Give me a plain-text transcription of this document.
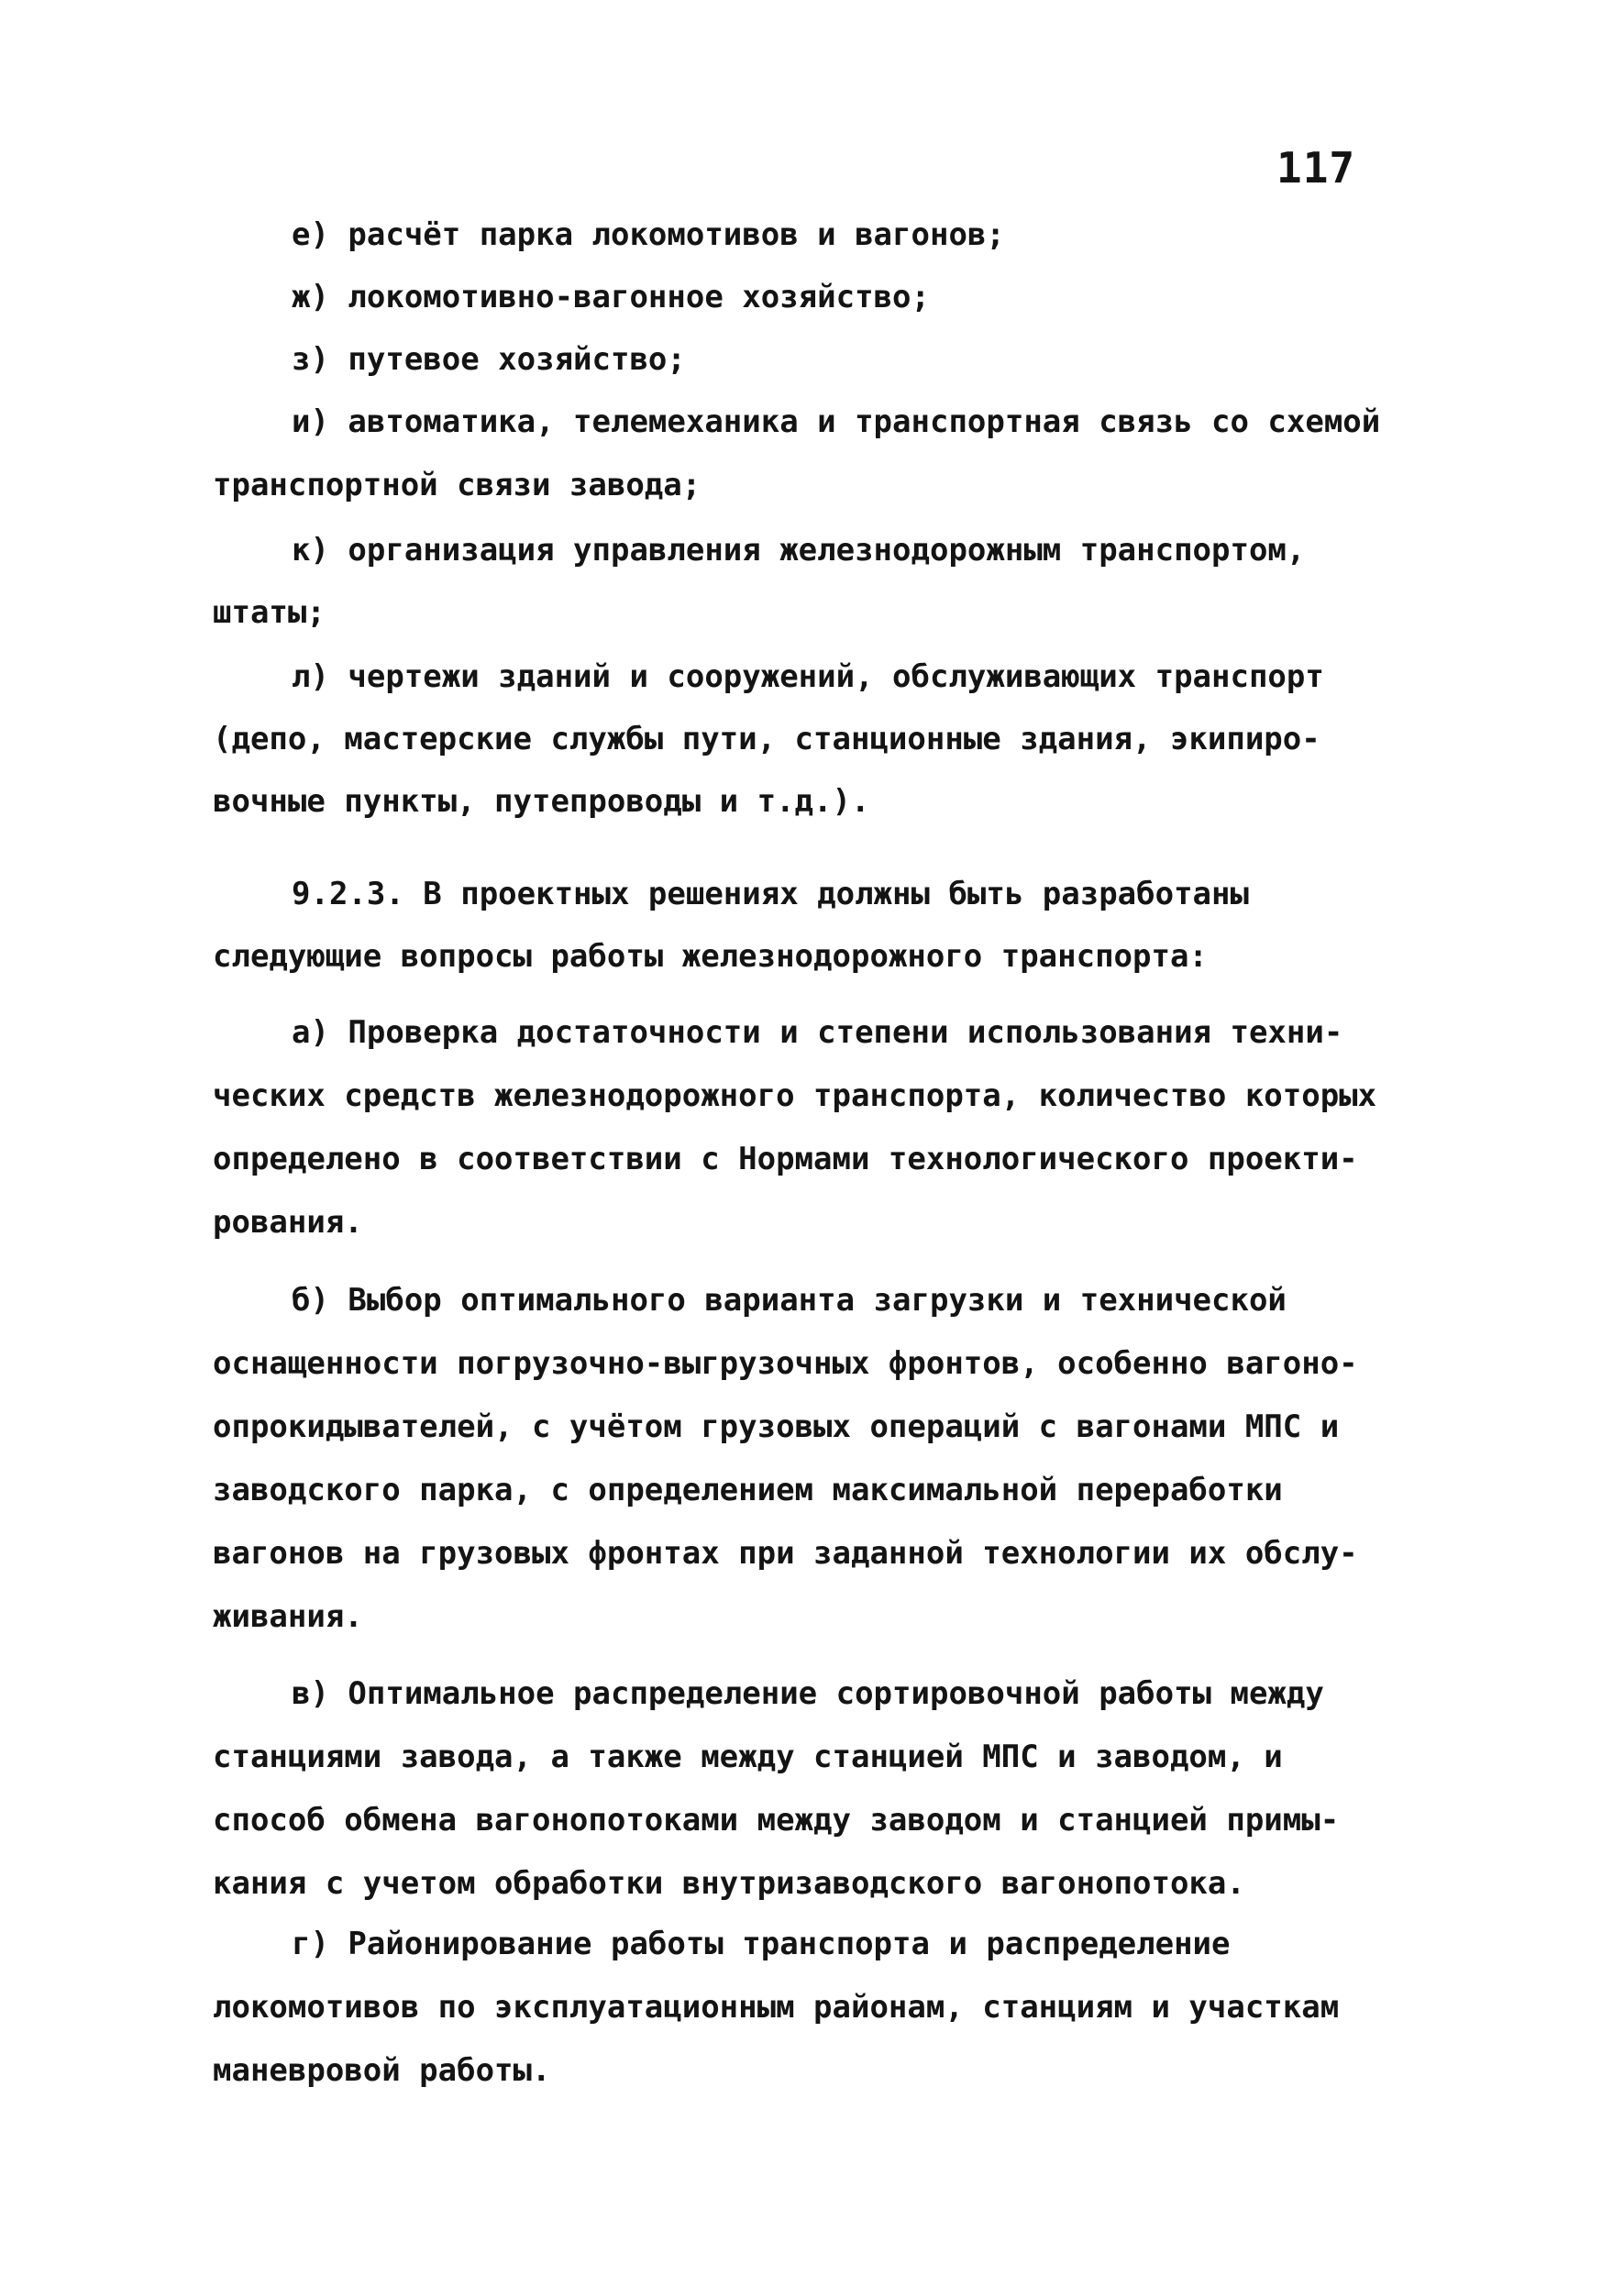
117
е) расчёт парка локомотивов и вагонов;
ж) локомотивно-вагонное хозяйство;
з) путевое хозяйство;
и) автоматика, телемеханика и транспортная связь со схемой
транспортной связи завода;
к) организация управления железнодорожным транспортом,
штаты;
л) чертежи зданий и сооружений, обслуживающих транспорт
(депо, мастерские службы пути, станционные здания, экипиро-
вочные пункты, путепроводы и т.д.).
9.2.3. В проектных решениях должны быть разработаны
следующие вопросы работы железнодорожного транспорта:
а) Проверка достаточности и степени использования техни-
ческих средств железнодорожного транспорта, количество которых
определено в соответствии с Нормами технологического проекти-
рования.
б) Выбор оптимального варианта загрузки и технической
оснащенности погрузочно-выгрузочных фронтов, особенно вагоно-
опрокидывателей, с учётом грузовых операций с вагонами МПС и
заводского парка, с определением максимальной переработки
вагонов на грузовых фронтах при заданной технологии их обслу-
живания.
в) Оптимальное распределение сортировочной работы между
станциями завода, а также между станцией МПС и заводом, и
способ обмена вагонопотоками между заводом и станцией примы-
кания с учетом обработки внутризаводского вагонопотока.
г) Районирование работы транспорта и распределение
локомотивов по эксплуатационным районам, станциям и участкам
маневровой работы.
